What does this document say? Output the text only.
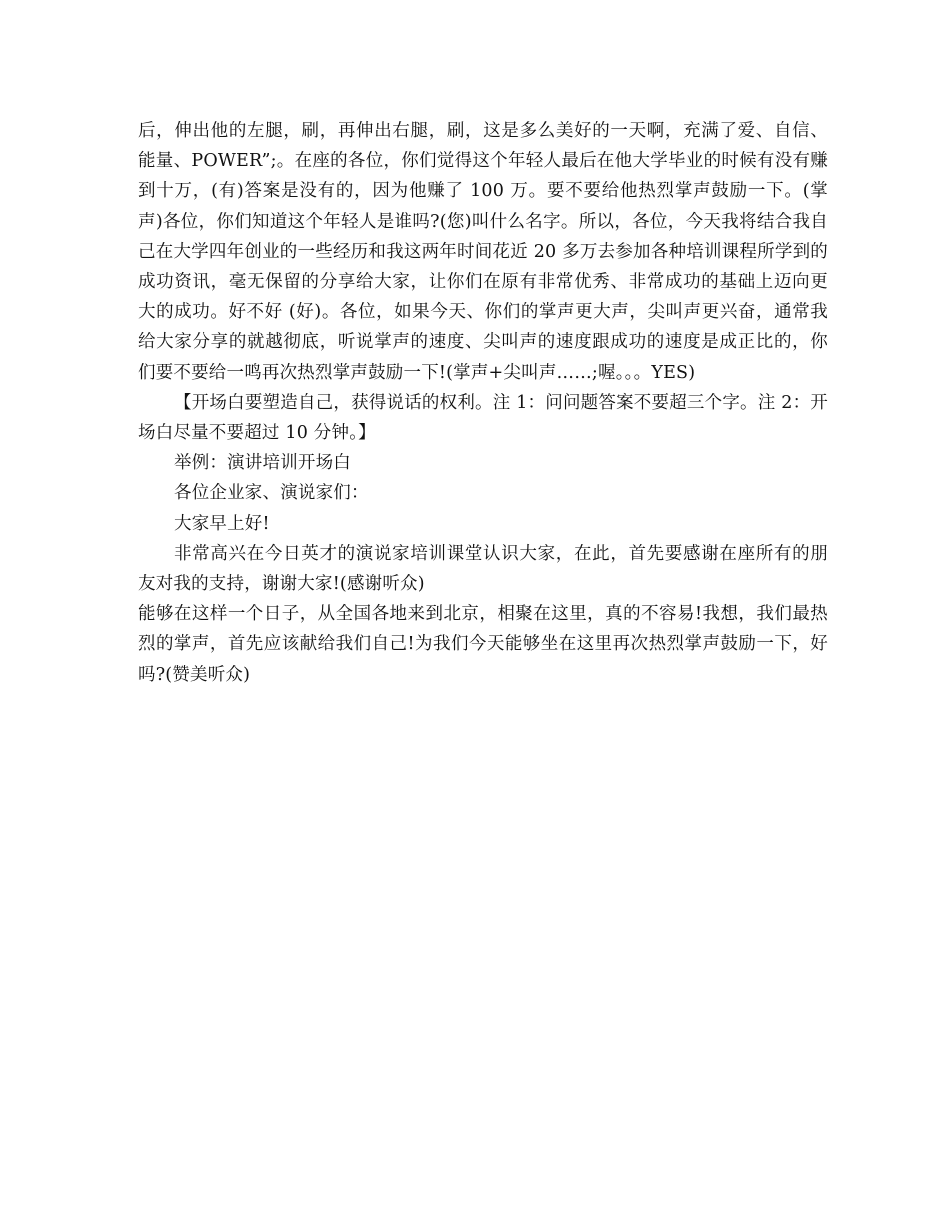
后，伸出他的左腿，刷，再伸出右腿，刷，这是多么美好的一天啊，充满了爱、自信、能量、POWER”;。在座的各位，你们觉得这个年轻人最后在他大学毕业的时候有没有赚到十万，(有)答案是没有的，因为他赚了 100 万。要不要给他热烈掌声鼓励一下。(掌声)各位，你们知道这个年轻人是谁吗?(您)叫什么名字。所以，各位，今天我将结合我自己在大学四年创业的一些经历和我这两年时间花近 20 多万去参加各种培训课程所学到的成功资讯，毫无保留的分享给大家，让你们在原有非常优秀、非常成功的基础上迈向更大的成功。好不好 (好)。各位，如果今天、你们的掌声更大声，尖叫声更兴奋，通常我给大家分享的就越彻底，听说掌声的速度、尖叫声的速度跟成功的速度是成正比的，你们要不要给一鸣再次热烈掌声鼓励一下!(掌声+尖叫声……;喔。。。YES)

【开场白要塑造自己，获得说话的权利。注 1：问问题答案不要超三个字。注 2：开场白尽量不要超过 10 分钟。】

举例：演讲培训开场白

各位企业家、演说家们：

大家早上好!

非常高兴在今日英才的演说家培训课堂认识大家，在此，首先要感谢在座所有的朋友对我的支持，谢谢大家!(感谢听众)

能够在这样一个日子，从全国各地来到北京，相聚在这里，真的不容易!我想，我们最热烈的掌声，首先应该献给我们自己!为我们今天能够坐在这里再次热烈掌声鼓励一下，好吗?(赞美听众)
